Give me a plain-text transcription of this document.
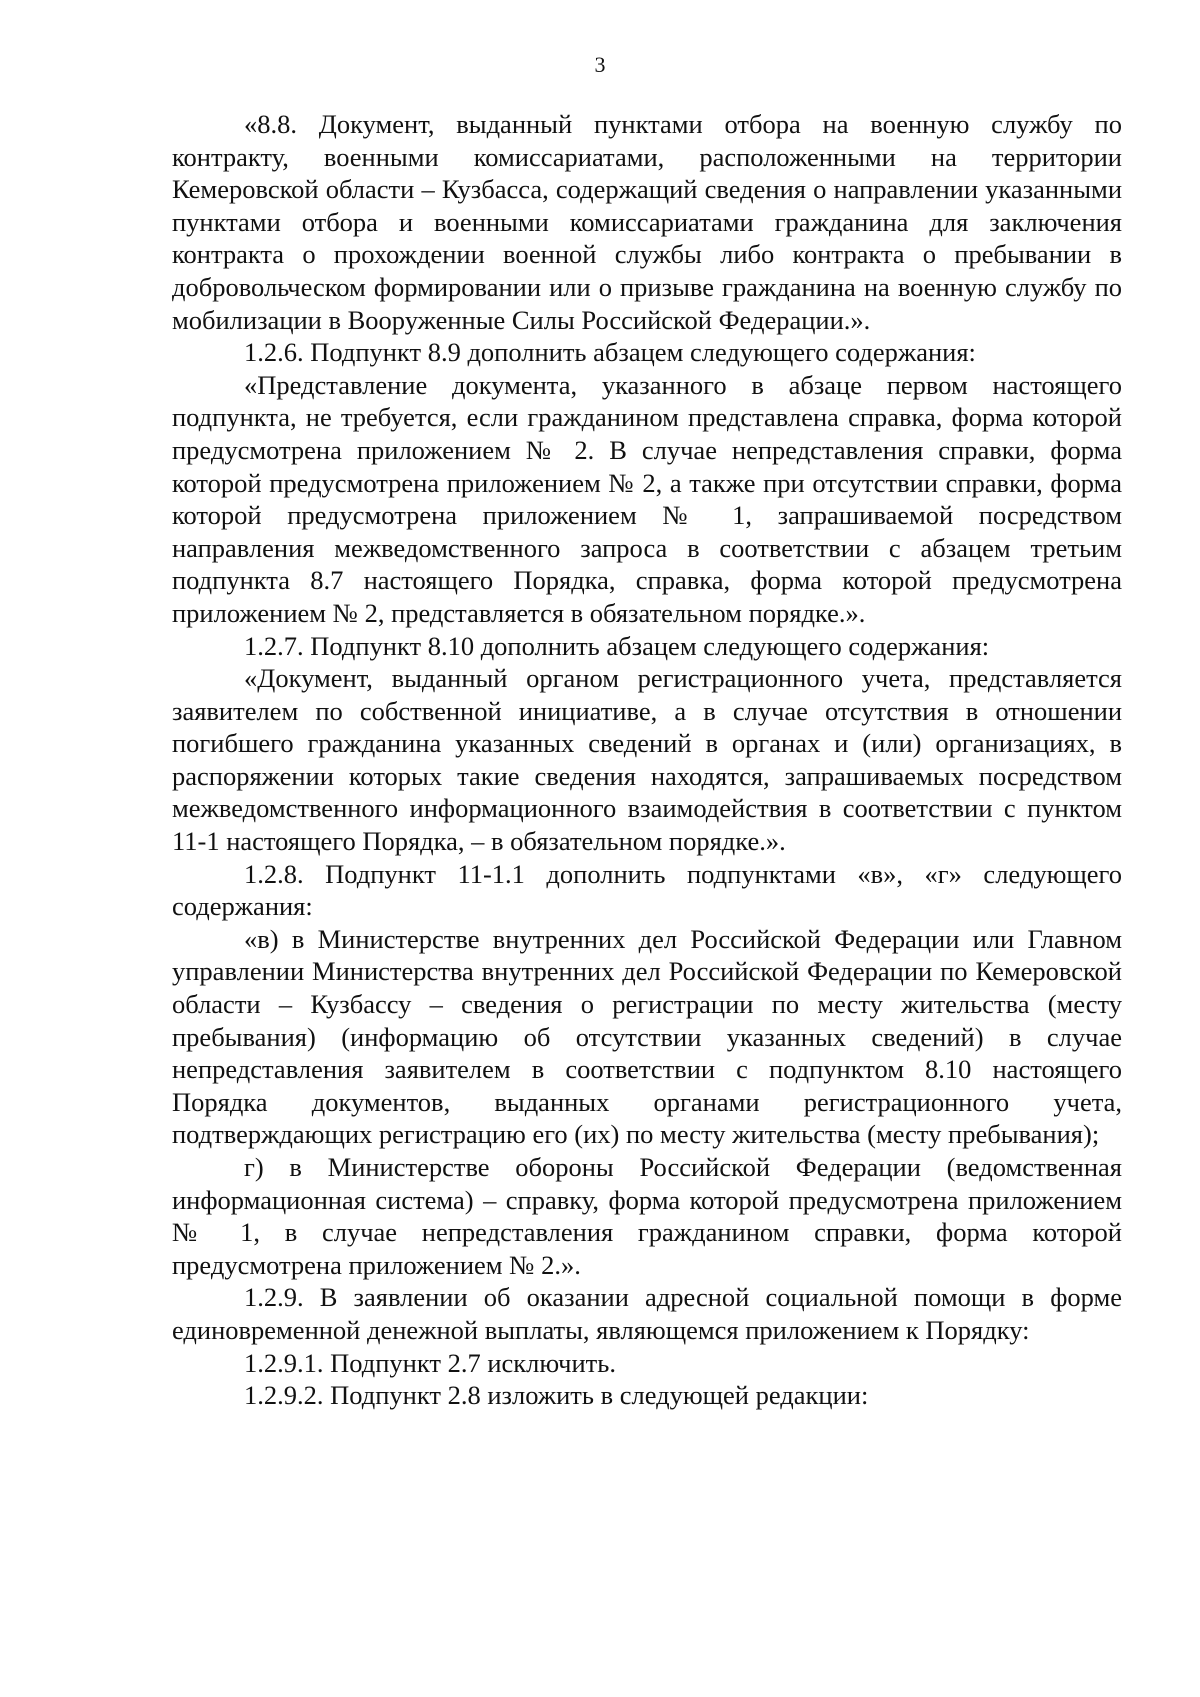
3

«8.8. Документ, выданный пунктами отбора на военную службу по контракту, военными комиссариатами, расположенными на территории Кемеровской области – Кузбасса, содержащий сведения о направлении указанными пунктами отбора и военными комиссариатами гражданина для заключения контракта о прохождении военной службы либо контракта о пребывании в добровольческом формировании или о призыве гражданина на военную службу по мобилизации в Вооруженные Силы Российской Федерации.».

1.2.6. Подпункт 8.9 дополнить абзацем следующего содержания:

«Представление документа, указанного в абзаце первом настоящего подпункта, не требуется, если гражданином представлена справка, форма которой предусмотрена приложением № 2. В случае непредставления справки, форма которой предусмотрена приложением № 2, а также при отсутствии справки, форма которой предусмотрена приложением № 1, запрашиваемой посредством направления межведомственного запроса в соответствии с абзацем третьим подпункта 8.7 настоящего Порядка, справка, форма которой предусмотрена приложением № 2, представляется в обязательном порядке.».

1.2.7. Подпункт 8.10 дополнить абзацем следующего содержания:

«Документ, выданный органом регистрационного учета, представляется заявителем по собственной инициативе, а в случае отсутствия в отношении погибшего гражданина указанных сведений в органах и (или) организациях, в распоряжении которых такие сведения находятся, запрашиваемых посредством межведомственного информационного взаимодействия в соответствии с пунктом 11-1 настоящего Порядка, – в обязательном порядке.».

1.2.8. Подпункт 11-1.1 дополнить подпунктами «в», «г» следующего содержания:

«в) в Министерстве внутренних дел Российской Федерации или Главном управлении Министерства внутренних дел Российской Федерации по Кемеровской области – Кузбассу – сведения о регистрации по месту жительства (месту пребывания) (информацию об отсутствии указанных сведений) в случае непредставления заявителем в соответствии с подпунктом 8.10 настоящего Порядка документов, выданных органами регистрационного учета, подтверждающих регистрацию его (их) по месту жительства (месту пребывания);

г) в Министерстве обороны Российской Федерации (ведомственная информационная система) – справку, форма которой предусмотрена приложением № 1, в случае непредставления гражданином справки, форма которой предусмотрена приложением № 2.».

1.2.9. В заявлении об оказании адресной социальной помощи в форме единовременной денежной выплаты, являющемся приложением к Порядку:

1.2.9.1. Подпункт 2.7 исключить.

1.2.9.2. Подпункт 2.8 изложить в следующей редакции:
